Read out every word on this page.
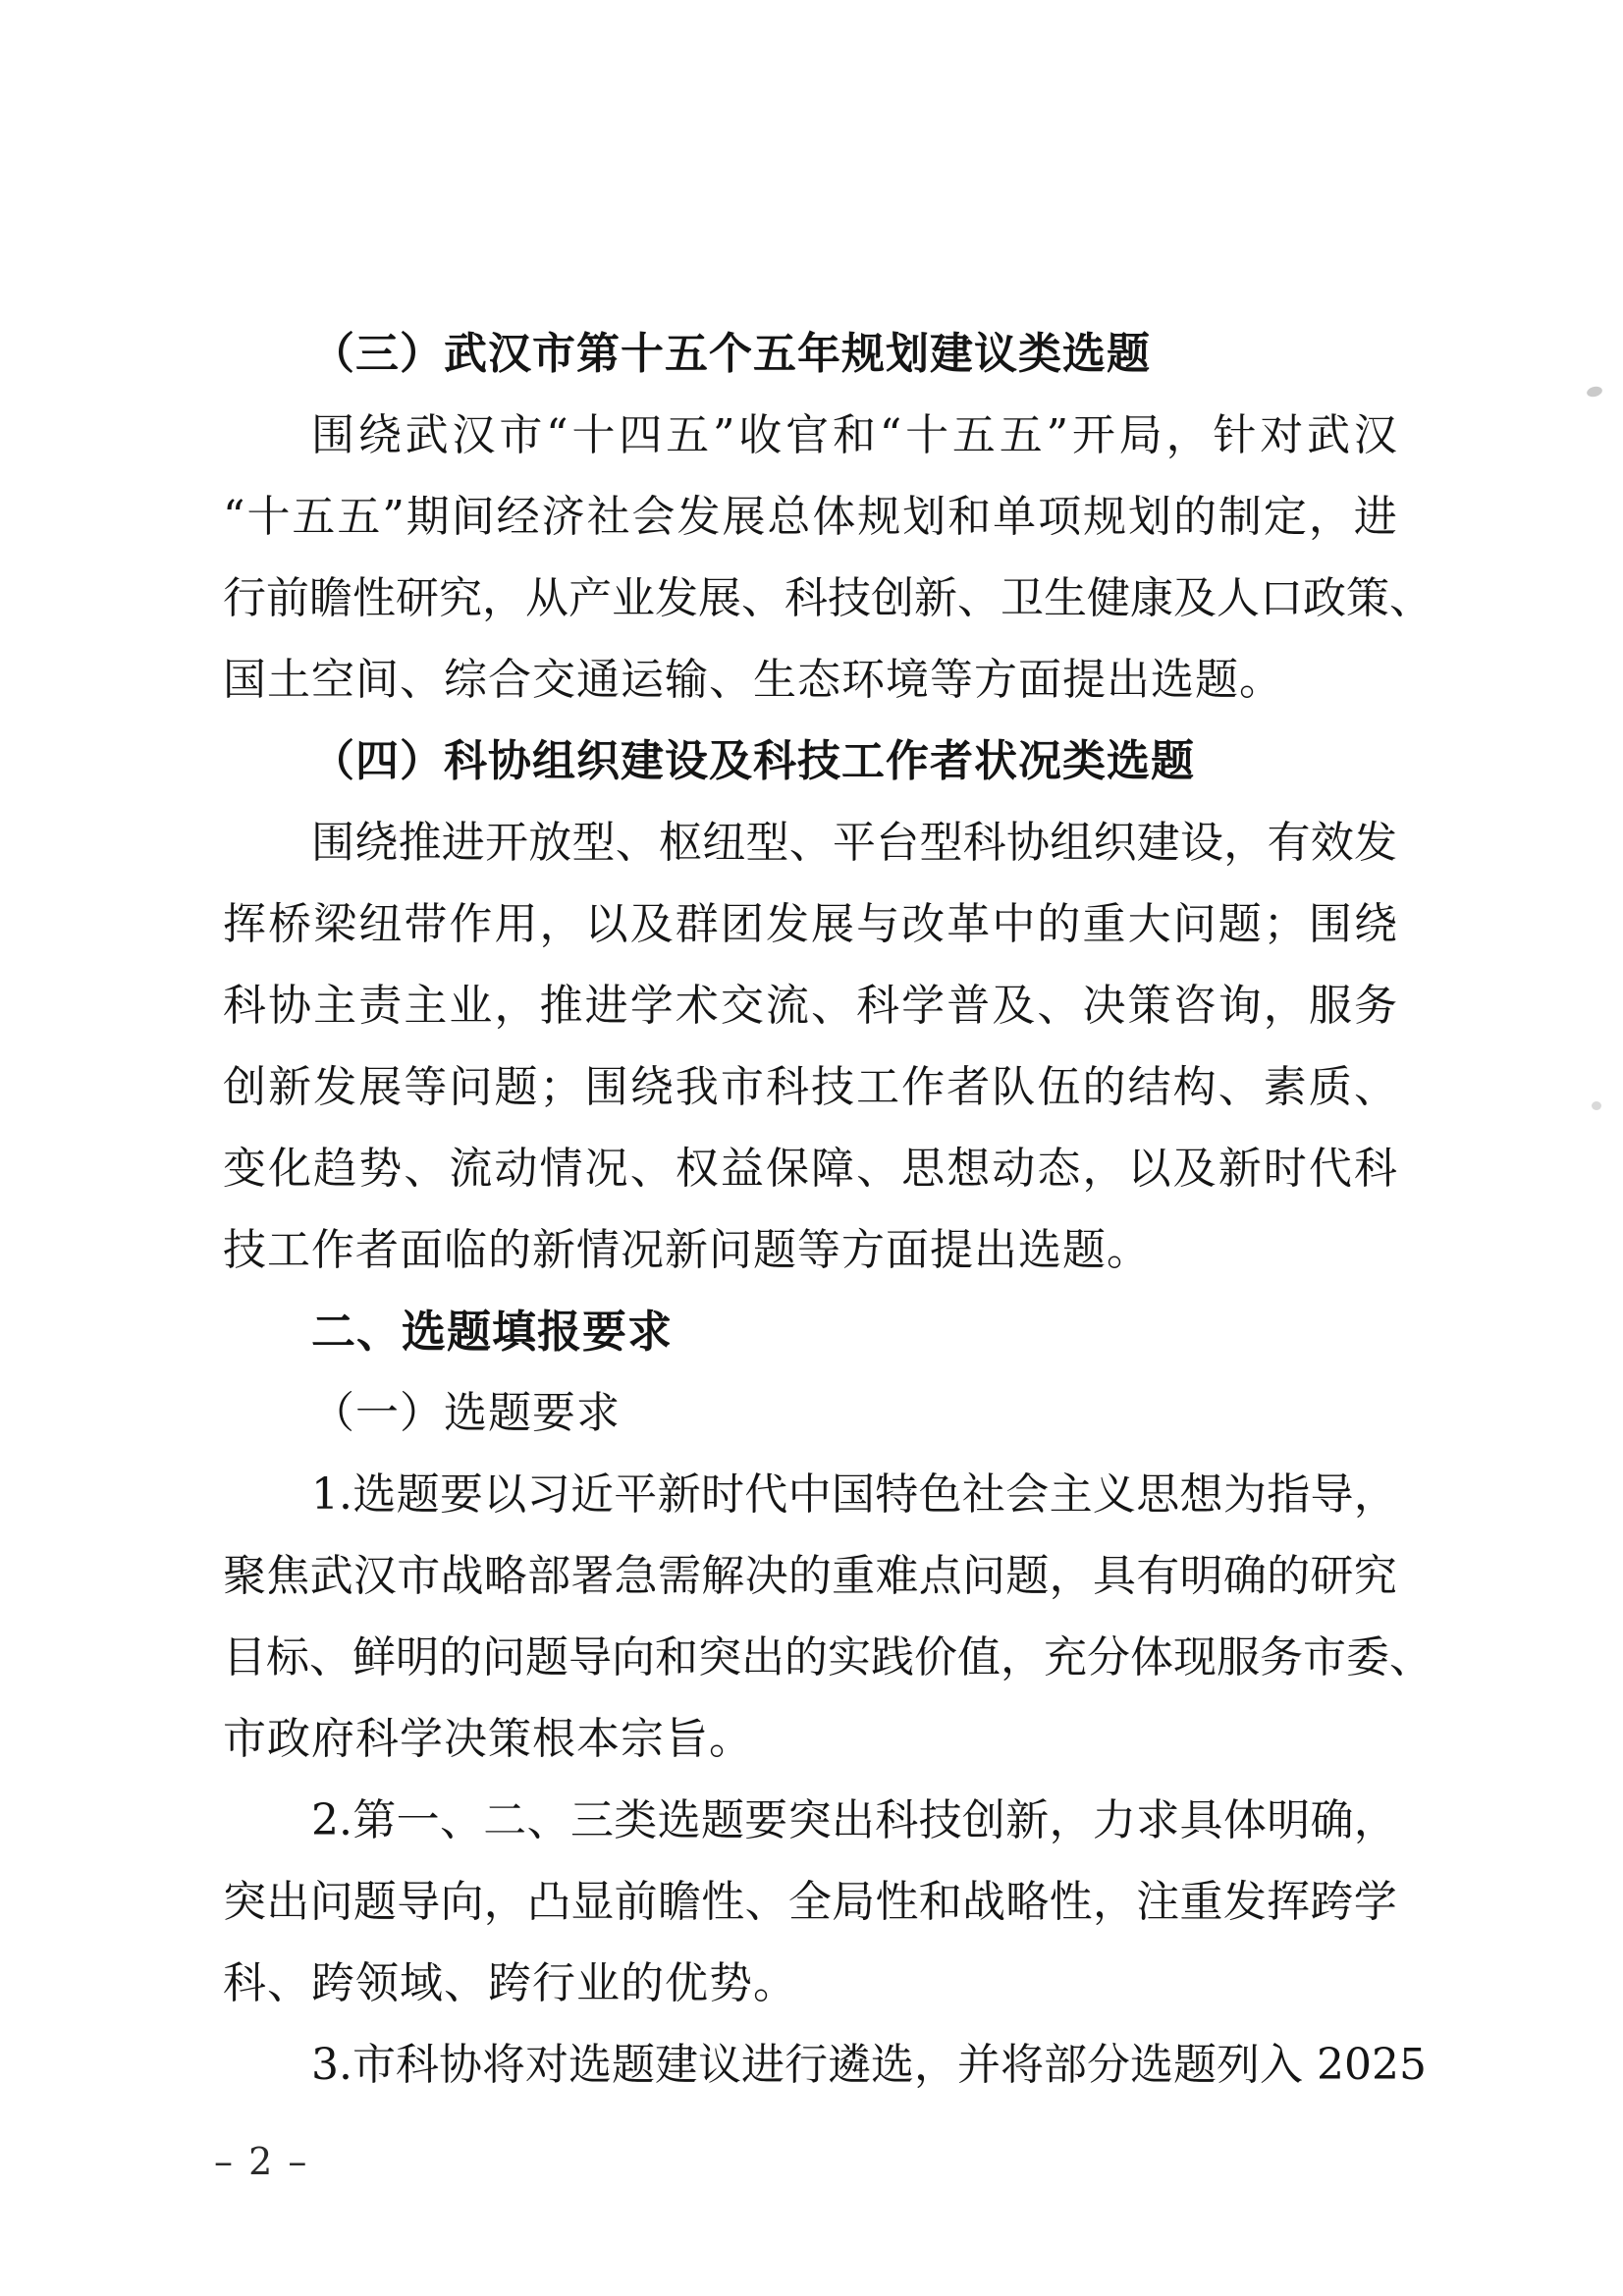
（三）武汉市第十五个五年规划建议类选题
围 绕 武 汉 市 “ 十 四 五 ” 收 官 和 “ 十 五 五 ” 开 局 ， 针 对 武 汉
“ 十 五 五 ” 期 间 经 济 社 会 发 展 总 体 规 划 和 单 项 规 划 的 制 定 ， 进
行 前 瞻 性 研 究 ， 从 产 业 发 展 、 科 技 创 新 、 卫 生 健 康 及 人 口 政 策 、
国土空间、综合交通运输、生态环境等方面提出选题。
（四）科协组织建设及科技工作者状况类选题
围 绕 推 进 开 放 型 、 枢 纽 型 、 平 台 型 科 协 组 织 建 设 ， 有 效 发
挥 桥 梁 纽 带 作 用 ， 以 及 群 团 发 展 与 改 革 中 的 重 大 问 题 ； 围 绕
科 协 主 责 主 业 ， 推 进 学 术 交 流 、 科 学 普 及 、 决 策 咨 询 ， 服 务
创 新 发 展 等 问 题 ； 围 绕 我 市 科 技 工 作 者 队 伍 的 结 构 、 素 质 、
变 化 趋 势 、 流 动 情 况 、 权 益 保 障 、 思 想 动 态 ， 以 及 新 时 代 科
技工作者面临的新情况新问题等方面提出选题。
二、选题填报要求
（一）选题要求
1. 选 题 要 以 习 近 平 新 时 代 中 国 特 色 社 会 主 义 思 想 为 指 导 ，
聚 焦 武 汉 市 战 略 部 署 急 需 解 决 的 重 难 点 问 题 ， 具 有 明 确 的 研 究
目 标 、 鲜 明 的 问 题 导 向 和 突 出 的 实 践 价 值 ， 充 分 体 现 服 务 市 委 、
市政府科学决策根本宗旨。
2. 第 一 、 二 、 三 类 选 题 要 突 出 科 技 创 新 ， 力 求 具 体 明 确 ，
突 出 问 题 导 向 ， 凸 显 前 瞻 性 、 全 局 性 和 战 略 性 ， 注 重 发 挥 跨 学
科、跨领域、跨行业的优势。
3. 市 科 协 将 对 选 题 建 议 进 行 遴 选 ， 并 将 部 分 选 题 列 入
2025
– 2 –
